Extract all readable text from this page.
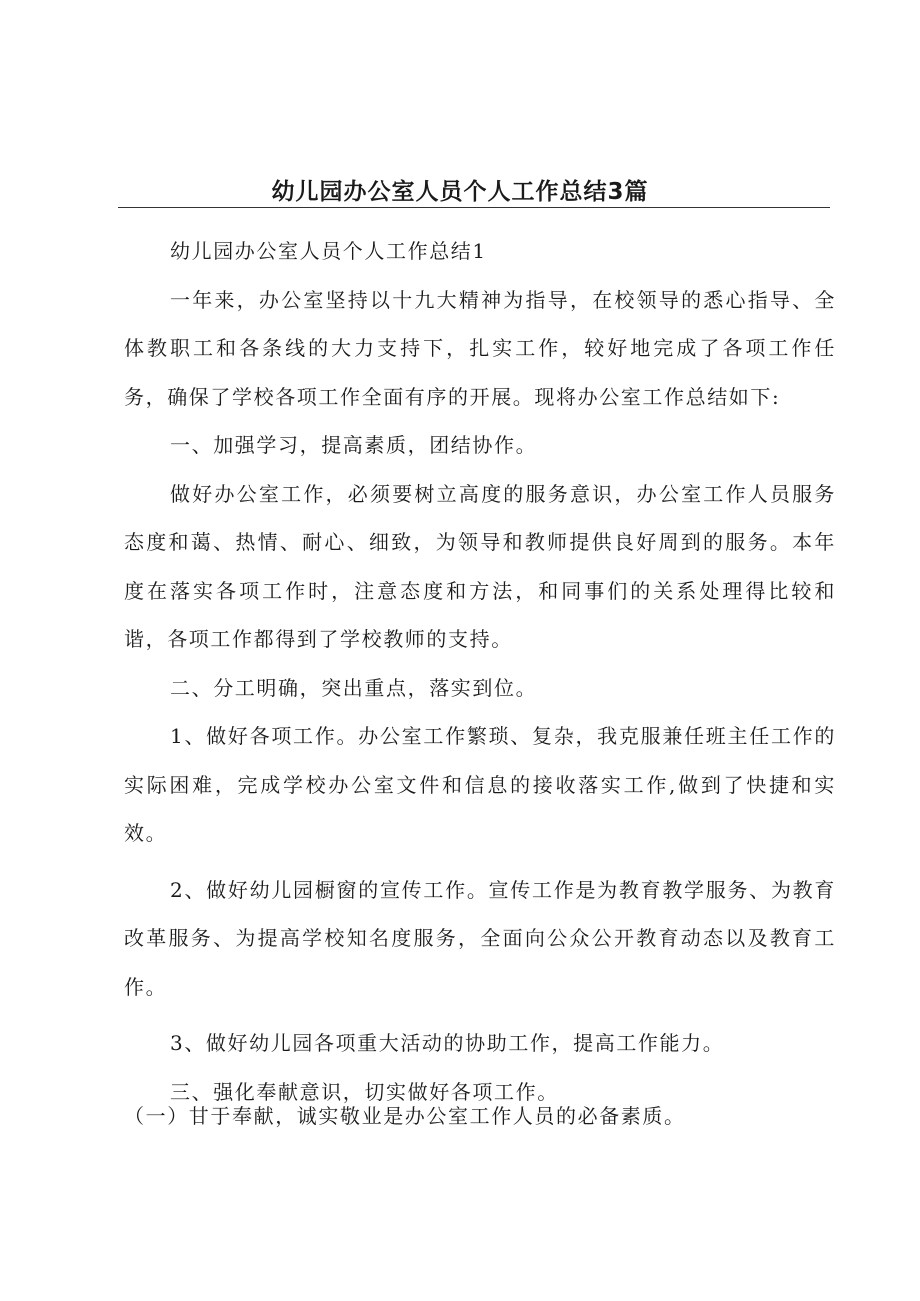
幼儿园办公室人员个人工作总结3篇

幼儿园办公室人员个人工作总结1

一年来，办公室坚持以十九大精神为指导，在校领导的悉心指导、全体教职工和各条线的大力支持下，扎实工作，较好地完成了各项工作任务，确保了学校各项工作全面有序的开展。现将办公室工作总结如下:

一、加强学习，提高素质，团结协作。

做好办公室工作，必须要树立高度的服务意识，办公室工作人员服务态度和蔼、热情、耐心、细致，为领导和教师提供良好周到的服务。本年度在落实各项工作时，注意态度和方法，和同事们的关系处理得比较和谐，各项工作都得到了学校教师的支持。

二、分工明确，突出重点，落实到位。

1、做好各项工作。办公室工作繁琐、复杂，我克服兼任班主任工作的实际困难，完成学校办公室文件和信息的接收落实工作,做到了快捷和实效。

2、做好幼儿园橱窗的宣传工作。宣传工作是为教育教学服务、为教育改革服务、为提高学校知名度服务，全面向公众公开教育动态以及教育工作。

3、做好幼儿园各项重大活动的协助工作，提高工作能力。

三、强化奉献意识，切实做好各项工作。

（一）甘于奉献，诚实敬业是办公室工作人员的必备素质。
